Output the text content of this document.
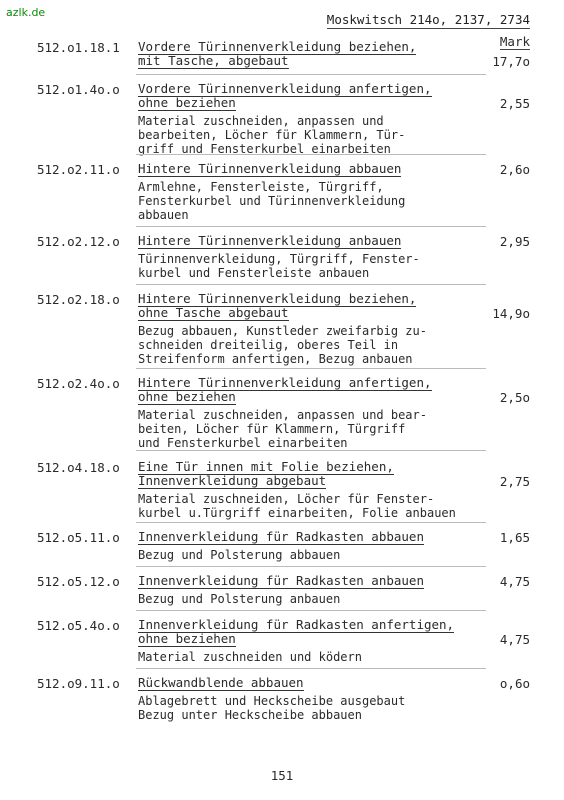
azlk.de	Moskwitsch 214o, 2137, 2734
Mark
512.o1.18.1 Vordere Türinnenverkleidung beziehen,
mit Tasche, abgebaut	17,7o
512.o1.4o.o Vordere Türinnenverkleidung anfertigen,
ohne beziehen	2,55
Material zuschneiden, anpassen und
bearbeiten, Löcher für Klammern, Tür-
griff und Fensterkurbel einarbeiten
512.o2.11.o Hintere Türinnenverkleidung abbauen	2,6o
Armlehne, Fensterleiste, Türgriff,
Fensterkurbel und Türinnenverkleidung
abbauen
512.o2.12.o Hintere Türinnenverkleidung anbauen	2,95
Türinnenverkleidung, Türgriff, Fenster-
kurbel und Fensterleiste anbauen
512.o2.18.o Hintere Türinnenverkleidung beziehen,
ohne Tasche abgebaut	14,9o
Bezug abbauen, Kunstleder zweifarbig zu-
schneiden dreiteilig, oberes Teil in
Streifenform anfertigen, Bezug anbauen
512.o2.4o.o Hintere Türinnenverkleidung anfertigen,
ohne beziehen	2,5o
Material zuschneiden, anpassen und bear-
beiten, Löcher für Klammern, Türgriff
und Fensterkurbel einarbeiten
512.o4.18.o Eine Tür innen mit Folie beziehen,
Innenverkleidung abgebaut	2,75
Material zuschneiden, Löcher für Fenster-
kurbel u.Türgriff einarbeiten, Folie anbauen
512.o5.11.o Innenverkleidung für Radkasten abbauen	1,65
Bezug und Polsterung abbauen
512.o5.12.o Innenverkleidung für Radkasten anbauen	4,75
Bezug und Polsterung anbauen
512.o5.4o.o Innenverkleidung für Radkasten anfertigen,
ohne beziehen	4,75
Material zuschneiden und ködern
512.o9.11.o Rückwandblende abbauen	o,6o
Ablagebrett und Heckscheibe ausgebaut
Bezug unter Heckscheibe abbauen
151
